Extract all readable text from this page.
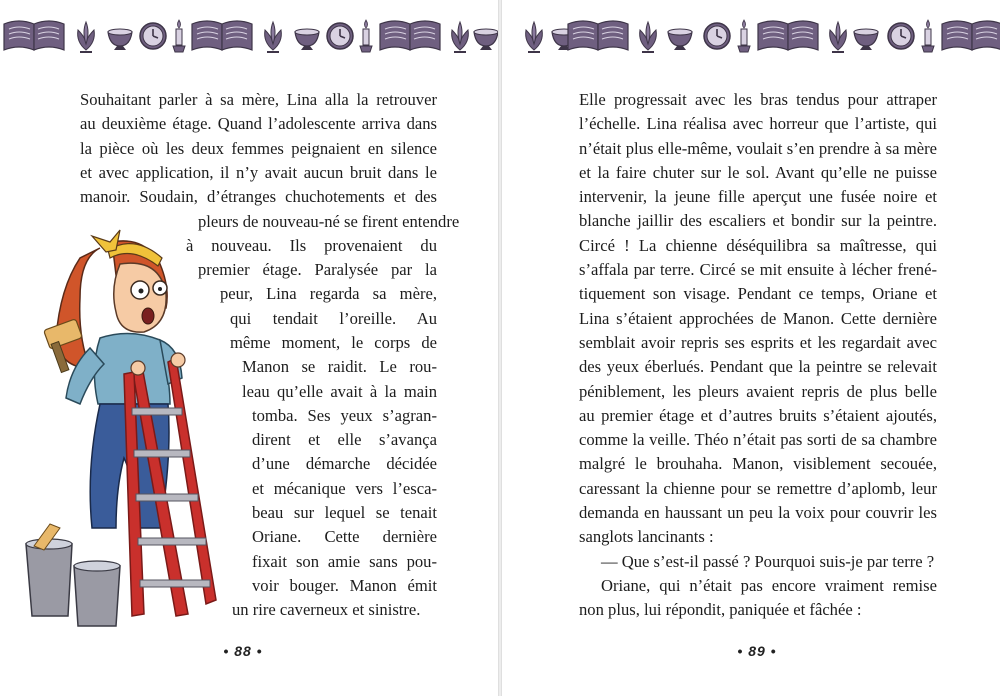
Souhaitant parler à sa mère, Lina alla la retrouver
au deuxième étage. Quand l’adolescente arriva dans
la pièce où les deux femmes peignaient en silence
et avec application, il n’y avait aucun bruit dans le
manoir. Soudain, d’étranges chuchotements et des
pleurs de nouveau-né se firent entendre
à nouveau. Ils provenaient du
premier étage. Paralysée par la
peur, Lina regarda sa mère,
qui tendait l’oreille. Au
même moment, le corps de
Manon se raidit. Le rou-
leau qu’elle avait à la main
tomba. Ses yeux s’agran-
dirent et elle s’avança
d’une démarche décidée
et mécanique vers l’esca-
beau sur lequel se tenait
Oriane. Cette dernière
fixait son amie sans pou-
voir bouger. Manon émit
un rire caverneux et sinistre.
• 88 •
Elle progressait avec les bras tendus pour attraper
l’échelle. Lina réalisa avec horreur que l’artiste, qui
n’était plus elle-même, voulait s’en prendre à sa mère
et la faire chuter sur le sol. Avant qu’elle ne puisse
intervenir, la jeune fille aperçut une fusée noire et
blanche jaillir des escaliers et bondir sur la peintre.
Circé ! La chienne déséquilibra sa maîtresse, qui
s’affala par terre. Circé se mit ensuite à lécher frené-
tiquement son visage. Pendant ce temps, Oriane et
Lina s’étaient approchées de Manon. Cette dernière
semblait avoir repris ses esprits et les regardait avec
des yeux éberlués. Pendant que la peintre se relevait
péniblement, les pleurs avaient repris de plus belle
au premier étage et d’autres bruits s’étaient ajoutés,
comme la veille. Théo n’était pas sorti de sa chambre
malgré le brouhaha. Manon, visiblement secouée,
caressant la chienne pour se remettre d’aplomb, leur
demanda en haussant un peu la voix pour couvrir les
sanglots lancinants :
— Que s’est-il passé ? Pourquoi suis-je par terre ?
Oriane, qui n’était pas encore vraiment remise
non plus, lui répondit, paniquée et fâchée :
• 89 •
